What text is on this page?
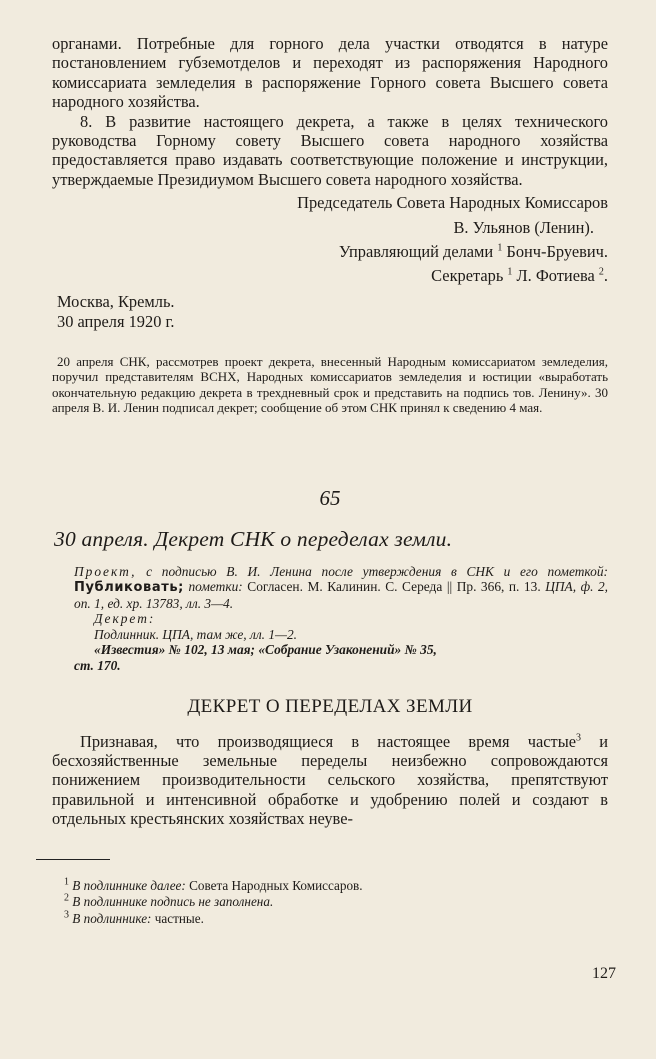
органами. Потребные для горного дела участки отводятся в натуре постановлением губземотделов и переходят из распоряжения Народного комиссариата земледелия в распоряжение Горного совета Высшего совета народного хозяйства.

8. В развитие настоящего декрета, а также в целях технического руководства Горному совету Высшего совета народного хозяйства предоставляется право издавать соответствующие положение и инструкции, утверждаемые Президиумом Высшего совета народного хозяйства.

Председатель Совета Народных Комиссаров

В. Ульянов (Ленин).

Управляющий делами $^1$ Бонч-Бруевич.

Секретарь $^1$ Л. Фотиева $^2$.

Москва, Кремль.

30 апреля 1920 г.

20 апреля СНК, рассмотрев проект декрета, внесенный Народным комиссариатом земледелия, поручил представителям ВСНХ, Народных комиссариатов земледелия и юстиции «выработать окончательную редакцию декрета в трехдневный срок и представить на подпись тов. Ленину». 30 апреля В. И. Ленин подписал декрет; сообщение об этом СНК принял к сведению 4 мая.

65

30 апреля. Декрет СНК о переделах земли.

Проект, с подписью В. И. Ленина после утверждения в СНК и его пометкой: Публиковать; пометки: Согласен. М. Калинин. С. Середа || Пр. 366, п. 13. ЦПА, ф. 2, оп. 1, ед. хр. 13783, лл. 3—4.

Декрет:

Подлинник. ЦПА, там же, лл. 1—2.

«Известия» № 102, 13 мая; «Собрание Узаконений» № 35,

ст. 170.

ДЕКРЕТ О ПЕРЕДЕЛАХ ЗЕМЛИ

Признавая, что производящиеся в настоящее время частые$^3$ и бесхозяйственные земельные переделы неизбежно сопровождаются понижением производительности сельского хозяйства, препятствуют правильной и интенсивной обработке и удобрению полей и создают в отдельных крестьянских хозяйствах неуве-

$^1$ В подлиннике далее: Совета Народных Комиссаров.

$^2$ В подлиннике подпись не заполнена.

$^3$ В подлиннике: частные.

127
